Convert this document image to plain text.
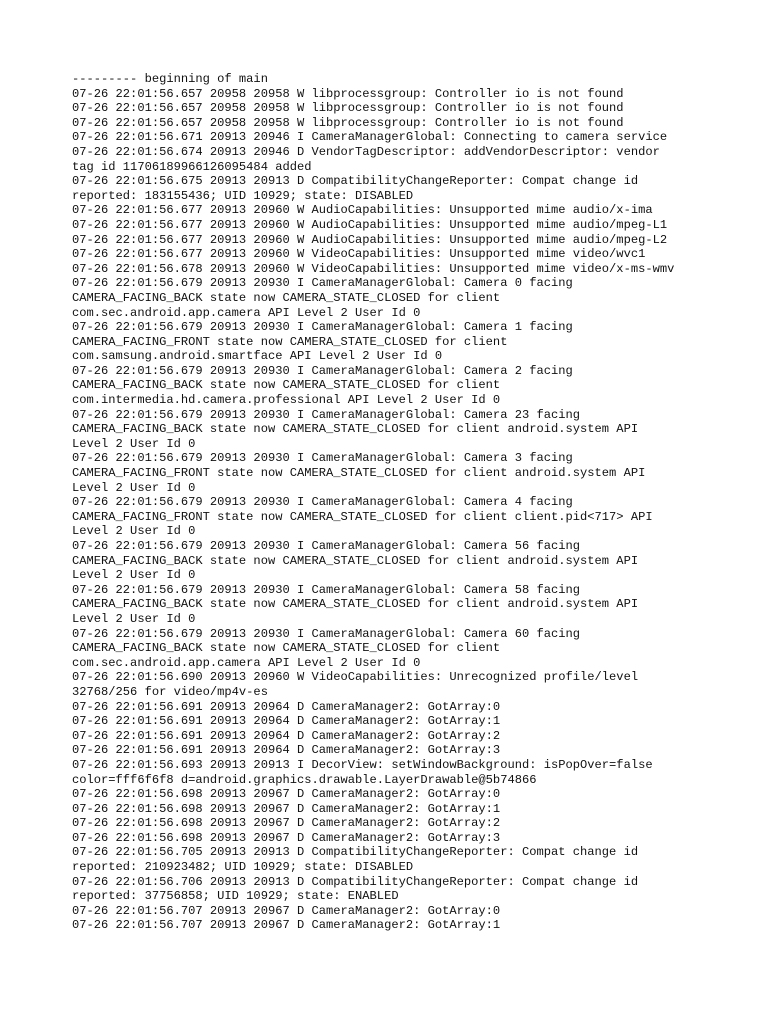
--------- beginning of main
07-26 22:01:56.657 20958 20958 W libprocessgroup: Controller io is not found
07-26 22:01:56.657 20958 20958 W libprocessgroup: Controller io is not found
07-26 22:01:56.657 20958 20958 W libprocessgroup: Controller io is not found
07-26 22:01:56.671 20913 20946 I CameraManagerGlobal: Connecting to camera service
07-26 22:01:56.674 20913 20946 D VendorTagDescriptor: addVendorDescriptor: vendor
tag id 11706189966126095484 added
07-26 22:01:56.675 20913 20913 D CompatibilityChangeReporter: Compat change id
reported: 183155436; UID 10929; state: DISABLED
07-26 22:01:56.677 20913 20960 W AudioCapabilities: Unsupported mime audio/x-ima
07-26 22:01:56.677 20913 20960 W AudioCapabilities: Unsupported mime audio/mpeg-L1
07-26 22:01:56.677 20913 20960 W AudioCapabilities: Unsupported mime audio/mpeg-L2
07-26 22:01:56.677 20913 20960 W VideoCapabilities: Unsupported mime video/wvc1
07-26 22:01:56.678 20913 20960 W VideoCapabilities: Unsupported mime video/x-ms-wmv
07-26 22:01:56.679 20913 20930 I CameraManagerGlobal: Camera 0 facing
CAMERA_FACING_BACK state now CAMERA_STATE_CLOSED for client
com.sec.android.app.camera API Level 2 User Id 0
07-26 22:01:56.679 20913 20930 I CameraManagerGlobal: Camera 1 facing
CAMERA_FACING_FRONT state now CAMERA_STATE_CLOSED for client
com.samsung.android.smartface API Level 2 User Id 0
07-26 22:01:56.679 20913 20930 I CameraManagerGlobal: Camera 2 facing
CAMERA_FACING_BACK state now CAMERA_STATE_CLOSED for client
com.intermedia.hd.camera.professional API Level 2 User Id 0
07-26 22:01:56.679 20913 20930 I CameraManagerGlobal: Camera 23 facing
CAMERA_FACING_BACK state now CAMERA_STATE_CLOSED for client android.system API
Level 2 User Id 0
07-26 22:01:56.679 20913 20930 I CameraManagerGlobal: Camera 3 facing
CAMERA_FACING_FRONT state now CAMERA_STATE_CLOSED for client android.system API
Level 2 User Id 0
07-26 22:01:56.679 20913 20930 I CameraManagerGlobal: Camera 4 facing
CAMERA_FACING_FRONT state now CAMERA_STATE_CLOSED for client client.pid<717> API
Level 2 User Id 0
07-26 22:01:56.679 20913 20930 I CameraManagerGlobal: Camera 56 facing
CAMERA_FACING_BACK state now CAMERA_STATE_CLOSED for client android.system API
Level 2 User Id 0
07-26 22:01:56.679 20913 20930 I CameraManagerGlobal: Camera 58 facing
CAMERA_FACING_BACK state now CAMERA_STATE_CLOSED for client android.system API
Level 2 User Id 0
07-26 22:01:56.679 20913 20930 I CameraManagerGlobal: Camera 60 facing
CAMERA_FACING_BACK state now CAMERA_STATE_CLOSED for client
com.sec.android.app.camera API Level 2 User Id 0
07-26 22:01:56.690 20913 20960 W VideoCapabilities: Unrecognized profile/level
32768/256 for video/mp4v-es
07-26 22:01:56.691 20913 20964 D CameraManager2: GotArray:0
07-26 22:01:56.691 20913 20964 D CameraManager2: GotArray:1
07-26 22:01:56.691 20913 20964 D CameraManager2: GotArray:2
07-26 22:01:56.691 20913 20964 D CameraManager2: GotArray:3
07-26 22:01:56.693 20913 20913 I DecorView: setWindowBackground: isPopOver=false
color=fff6f6f8 d=android.graphics.drawable.LayerDrawable@5b74866
07-26 22:01:56.698 20913 20967 D CameraManager2: GotArray:0
07-26 22:01:56.698 20913 20967 D CameraManager2: GotArray:1
07-26 22:01:56.698 20913 20967 D CameraManager2: GotArray:2
07-26 22:01:56.698 20913 20967 D CameraManager2: GotArray:3
07-26 22:01:56.705 20913 20913 D CompatibilityChangeReporter: Compat change id
reported: 210923482; UID 10929; state: DISABLED
07-26 22:01:56.706 20913 20913 D CompatibilityChangeReporter: Compat change id
reported: 37756858; UID 10929; state: ENABLED
07-26 22:01:56.707 20913 20967 D CameraManager2: GotArray:0
07-26 22:01:56.707 20913 20967 D CameraManager2: GotArray:1
